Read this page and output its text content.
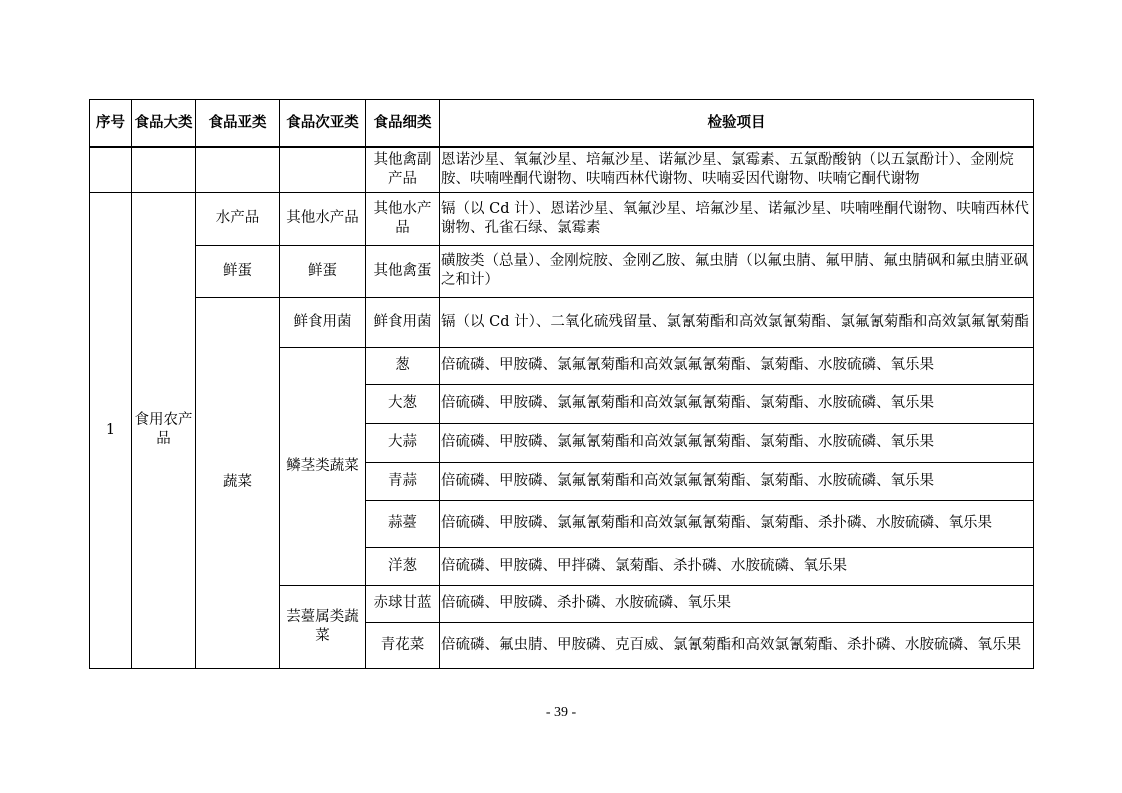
序号	食品大类	食品亚类	食品次亚类	食品细类	检验项目
				其他禽副产品	恩诺沙星、氧氟沙星、培氟沙星、诺氟沙星、氯霉素、五氯酚酸钠（以五氯酚计）、金刚烷胺、呋喃唑酮代谢物、呋喃西林代谢物、呋喃妥因代谢物、呋喃它酮代谢物
1	食用农产品	水产品	其他水产品	其他水产品	镉（以 Cd 计）、恩诺沙星、氧氟沙星、培氟沙星、诺氟沙星、呋喃唑酮代谢物、呋喃西林代谢物、孔雀石绿、氯霉素
		鲜蛋	鲜蛋	其他禽蛋	磺胺类（总量）、金刚烷胺、金刚乙胺、氟虫腈（以氟虫腈、氟甲腈、氟虫腈砜和氟虫腈亚砜之和计）
		蔬菜	鲜食用菌	鲜食用菌	镉（以 Cd 计）、二氧化硫残留量、氯氰菊酯和高效氯氰菊酯、氯氟氰菊酯和高效氯氟氰菊酯
			鳞茎类蔬菜	葱	倍硫磷、甲胺磷、氯氟氰菊酯和高效氯氟氰菊酯、氯菊酯、水胺硫磷、氧乐果
				大葱	倍硫磷、甲胺磷、氯氟氰菊酯和高效氯氟氰菊酯、氯菊酯、水胺硫磷、氧乐果
				大蒜	倍硫磷、甲胺磷、氯氟氰菊酯和高效氯氟氰菊酯、氯菊酯、水胺硫磷、氧乐果
				青蒜	倍硫磷、甲胺磷、氯氟氰菊酯和高效氯氟氰菊酯、氯菊酯、水胺硫磷、氧乐果
				蒜薹	倍硫磷、甲胺磷、氯氟氰菊酯和高效氯氟氰菊酯、氯菊酯、杀扑磷、水胺硫磷、氧乐果
				洋葱	倍硫磷、甲胺磷、甲拌磷、氯菊酯、杀扑磷、水胺硫磷、氧乐果
			芸薹属类蔬菜	赤球甘蓝	倍硫磷、甲胺磷、杀扑磷、水胺硫磷、氧乐果
				青花菜	倍硫磷、氟虫腈、甲胺磷、克百威、氯氰菊酯和高效氯氰菊酯、杀扑磷、水胺硫磷、氧乐果
- 39 -
